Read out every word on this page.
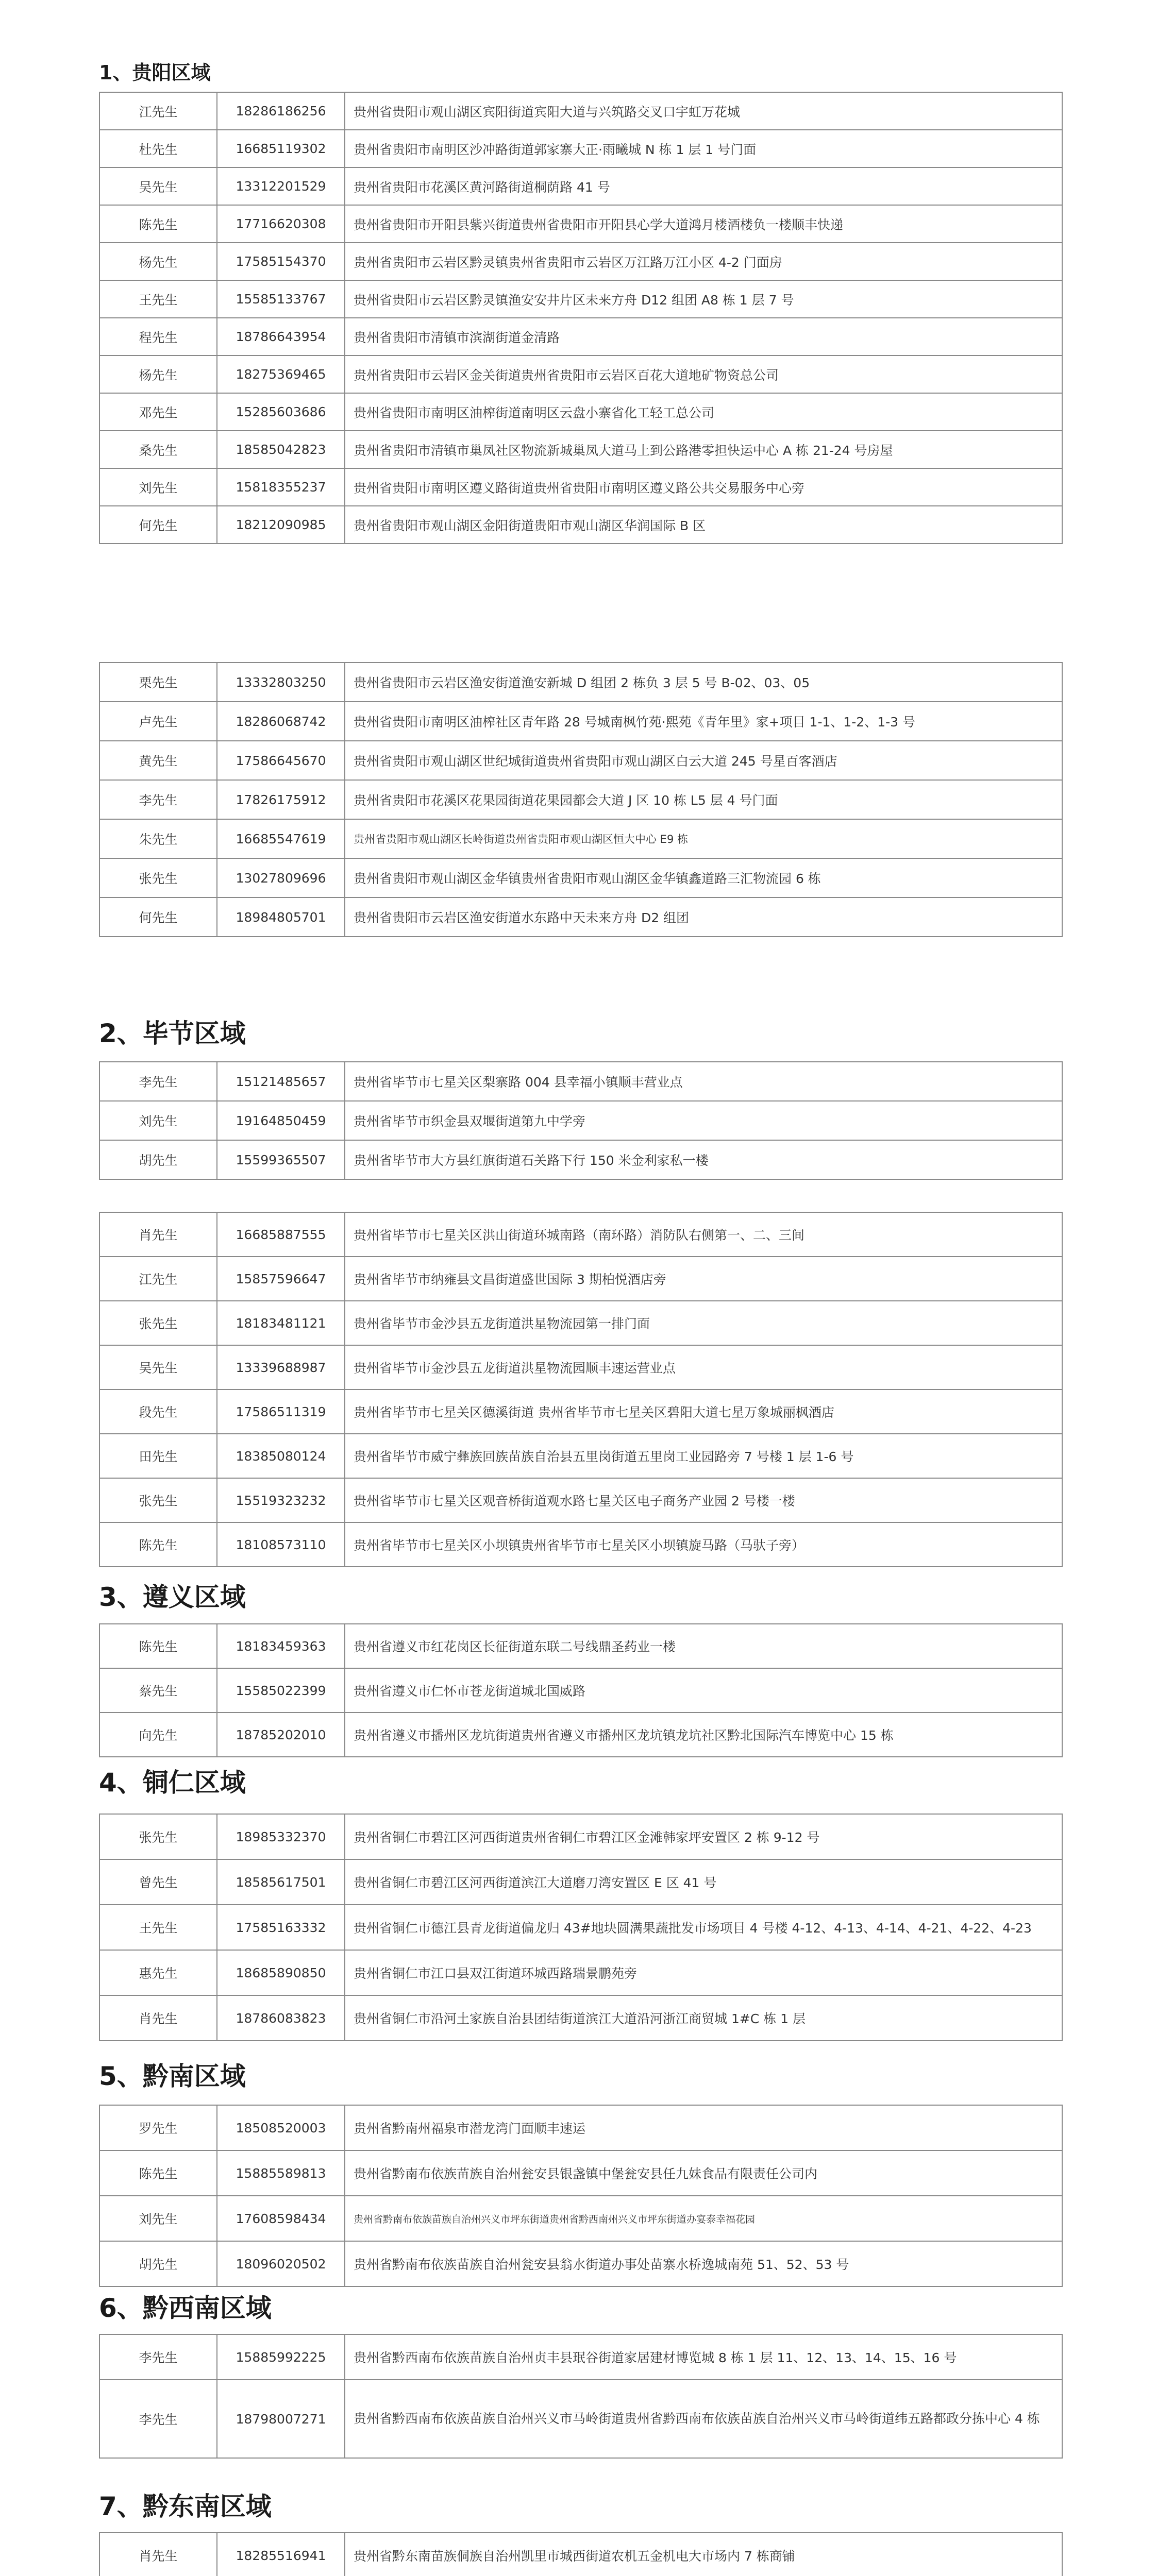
1、贵阳区域
2、毕节区域
3、遵义区域
4、铜仁区域
5、黔南区域
6、黔西南区域
7、黔东南区域
江先生	18286186256	贵州省贵阳市观山湖区宾阳街道宾阳大道与兴筑路交叉口宇虹万花城
杜先生	16685119302	贵州省贵阳市南明区沙冲路街道郭家寨大正·雨曦城 N 栋 1 层 1 号门面
吴先生	13312201529	贵州省贵阳市花溪区黄河路街道桐荫路 41 号
陈先生	17716620308	贵州省贵阳市开阳县紫兴街道贵州省贵阳市开阳县心学大道鸿月楼酒楼负一楼顺丰快递
杨先生	17585154370	贵州省贵阳市云岩区黔灵镇贵州省贵阳市云岩区万江路万江小区 4-2 门面房
王先生	15585133767	贵州省贵阳市云岩区黔灵镇渔安安井片区未来方舟 D12 组团 A8 栋 1 层 7 号
程先生	18786643954	贵州省贵阳市清镇市滨湖街道金清路
杨先生	18275369465	贵州省贵阳市云岩区金关街道贵州省贵阳市云岩区百花大道地矿物资总公司
邓先生	15285603686	贵州省贵阳市南明区油榨街道南明区云盘小寨省化工轻工总公司
桑先生	18585042823	贵州省贵阳市清镇市巢凤社区物流新城巢凤大道马上到公路港零担快运中心 A 栋 21-24 号房屋
刘先生	15818355237	贵州省贵阳市南明区遵义路街道贵州省贵阳市南明区遵义路公共交易服务中心旁
何先生	18212090985	贵州省贵阳市观山湖区金阳街道贵阳市观山湖区华润国际 B 区
栗先生	13332803250	贵州省贵阳市云岩区渔安街道渔安新城 D 组团 2 栋负 3 层 5 号 B-02、03、05
卢先生	18286068742	贵州省贵阳市南明区油榨社区青年路 28 号城南枫竹苑·熙苑《青年里》家+项目 1-1、1-2、1-3 号
黄先生	17586645670	贵州省贵阳市观山湖区世纪城街道贵州省贵阳市观山湖区白云大道 245 号星百客酒店
李先生	17826175912	贵州省贵阳市花溪区花果园街道花果园都会大道 J 区 10 栋 L5 层 4 号门面
朱先生	16685547619	贵州省贵阳市观山湖区长岭街道贵州省贵阳市观山湖区恒大中心 E9 栋
张先生	13027809696	贵州省贵阳市观山湖区金华镇贵州省贵阳市观山湖区金华镇鑫道路三汇物流园 6 栋
何先生	18984805701	贵州省贵阳市云岩区渔安街道水东路中天未来方舟 D2 组团
李先生	15121485657	贵州省毕节市七星关区梨寨路 004 县幸福小镇顺丰营业点
刘先生	19164850459	贵州省毕节市织金县双堰街道第九中学旁
胡先生	15599365507	贵州省毕节市大方县红旗街道石关路下行 150 米金利家私一楼
肖先生	16685887555	贵州省毕节市七星关区洪山街道环城南路（南环路）消防队右侧第一、二、三间
江先生	15857596647	贵州省毕节市纳雍县文昌街道盛世国际 3 期柏悦酒店旁
张先生	18183481121	贵州省毕节市金沙县五龙街道洪星物流园第一排门面
吴先生	13339688987	贵州省毕节市金沙县五龙街道洪星物流园顺丰速运营业点
段先生	17586511319	贵州省毕节市七星关区德溪街道 贵州省毕节市七星关区碧阳大道七星万象城丽枫酒店
田先生	18385080124	贵州省毕节市威宁彝族回族苗族自治县五里岗街道五里岗工业园路旁 7 号楼 1 层 1-6 号
张先生	15519323232	贵州省毕节市七星关区观音桥街道观水路七星关区电子商务产业园 2 号楼一楼
陈先生	18108573110	贵州省毕节市七星关区小坝镇贵州省毕节市七星关区小坝镇旋马路（马驮子旁）
陈先生	18183459363	贵州省遵义市红花岗区长征街道东联二号线鼎圣药业一楼
蔡先生	15585022399	贵州省遵义市仁怀市苍龙街道城北国威路
向先生	18785202010	贵州省遵义市播州区龙坑街道贵州省遵义市播州区龙坑镇龙坑社区黔北国际汽车博览中心 15 栋
张先生	18985332370	贵州省铜仁市碧江区河西街道贵州省铜仁市碧江区金滩韩家坪安置区 2 栋 9-12 号
曾先生	18585617501	贵州省铜仁市碧江区河西街道滨江大道磨刀湾安置区 E 区 41 号
王先生	17585163332	贵州省铜仁市德江县青龙街道偏龙归 43#地块圆满果蔬批发市场项目 4 号楼 4-12、4-13、4-14、4-21、4-22、4-23
惠先生	18685890850	贵州省铜仁市江口县双江街道环城西路瑞景鹏苑旁
肖先生	18786083823	贵州省铜仁市沿河土家族自治县团结街道滨江大道沿河浙江商贸城 1#C 栋 1 层
罗先生	18508520003	贵州省黔南州福泉市潜龙湾门面顺丰速运
陈先生	15885589813	贵州省黔南布依族苗族自治州瓮安县银盏镇中堡瓮安县任九妹食品有限责任公司内
刘先生	17608598434	贵州省黔南布依族苗族自治州兴义市坪东街道贵州省黔西南州兴义市坪东街道办宴泰幸福花园
胡先生	18096020502	贵州省黔南布依族苗族自治州瓮安县翁水街道办事处苗寨水桥逸城南苑 51、52、53 号
李先生	15885992225	贵州省黔西南布依族苗族自治州贞丰县珉谷街道家居建材博览城 8 栋 1 层 11、12、13、14、15、16 号
李先生	18798007271	贵州省黔西南布依族苗族自治州兴义市马岭街道贵州省黔西南布依族苗族自治州兴义市马岭街道纬五路都政分拣中心 4 栋
肖先生	18285516941	贵州省黔东南苗族侗族自治州凯里市城西街道农机五金机电大市场内 7 栋商铺
